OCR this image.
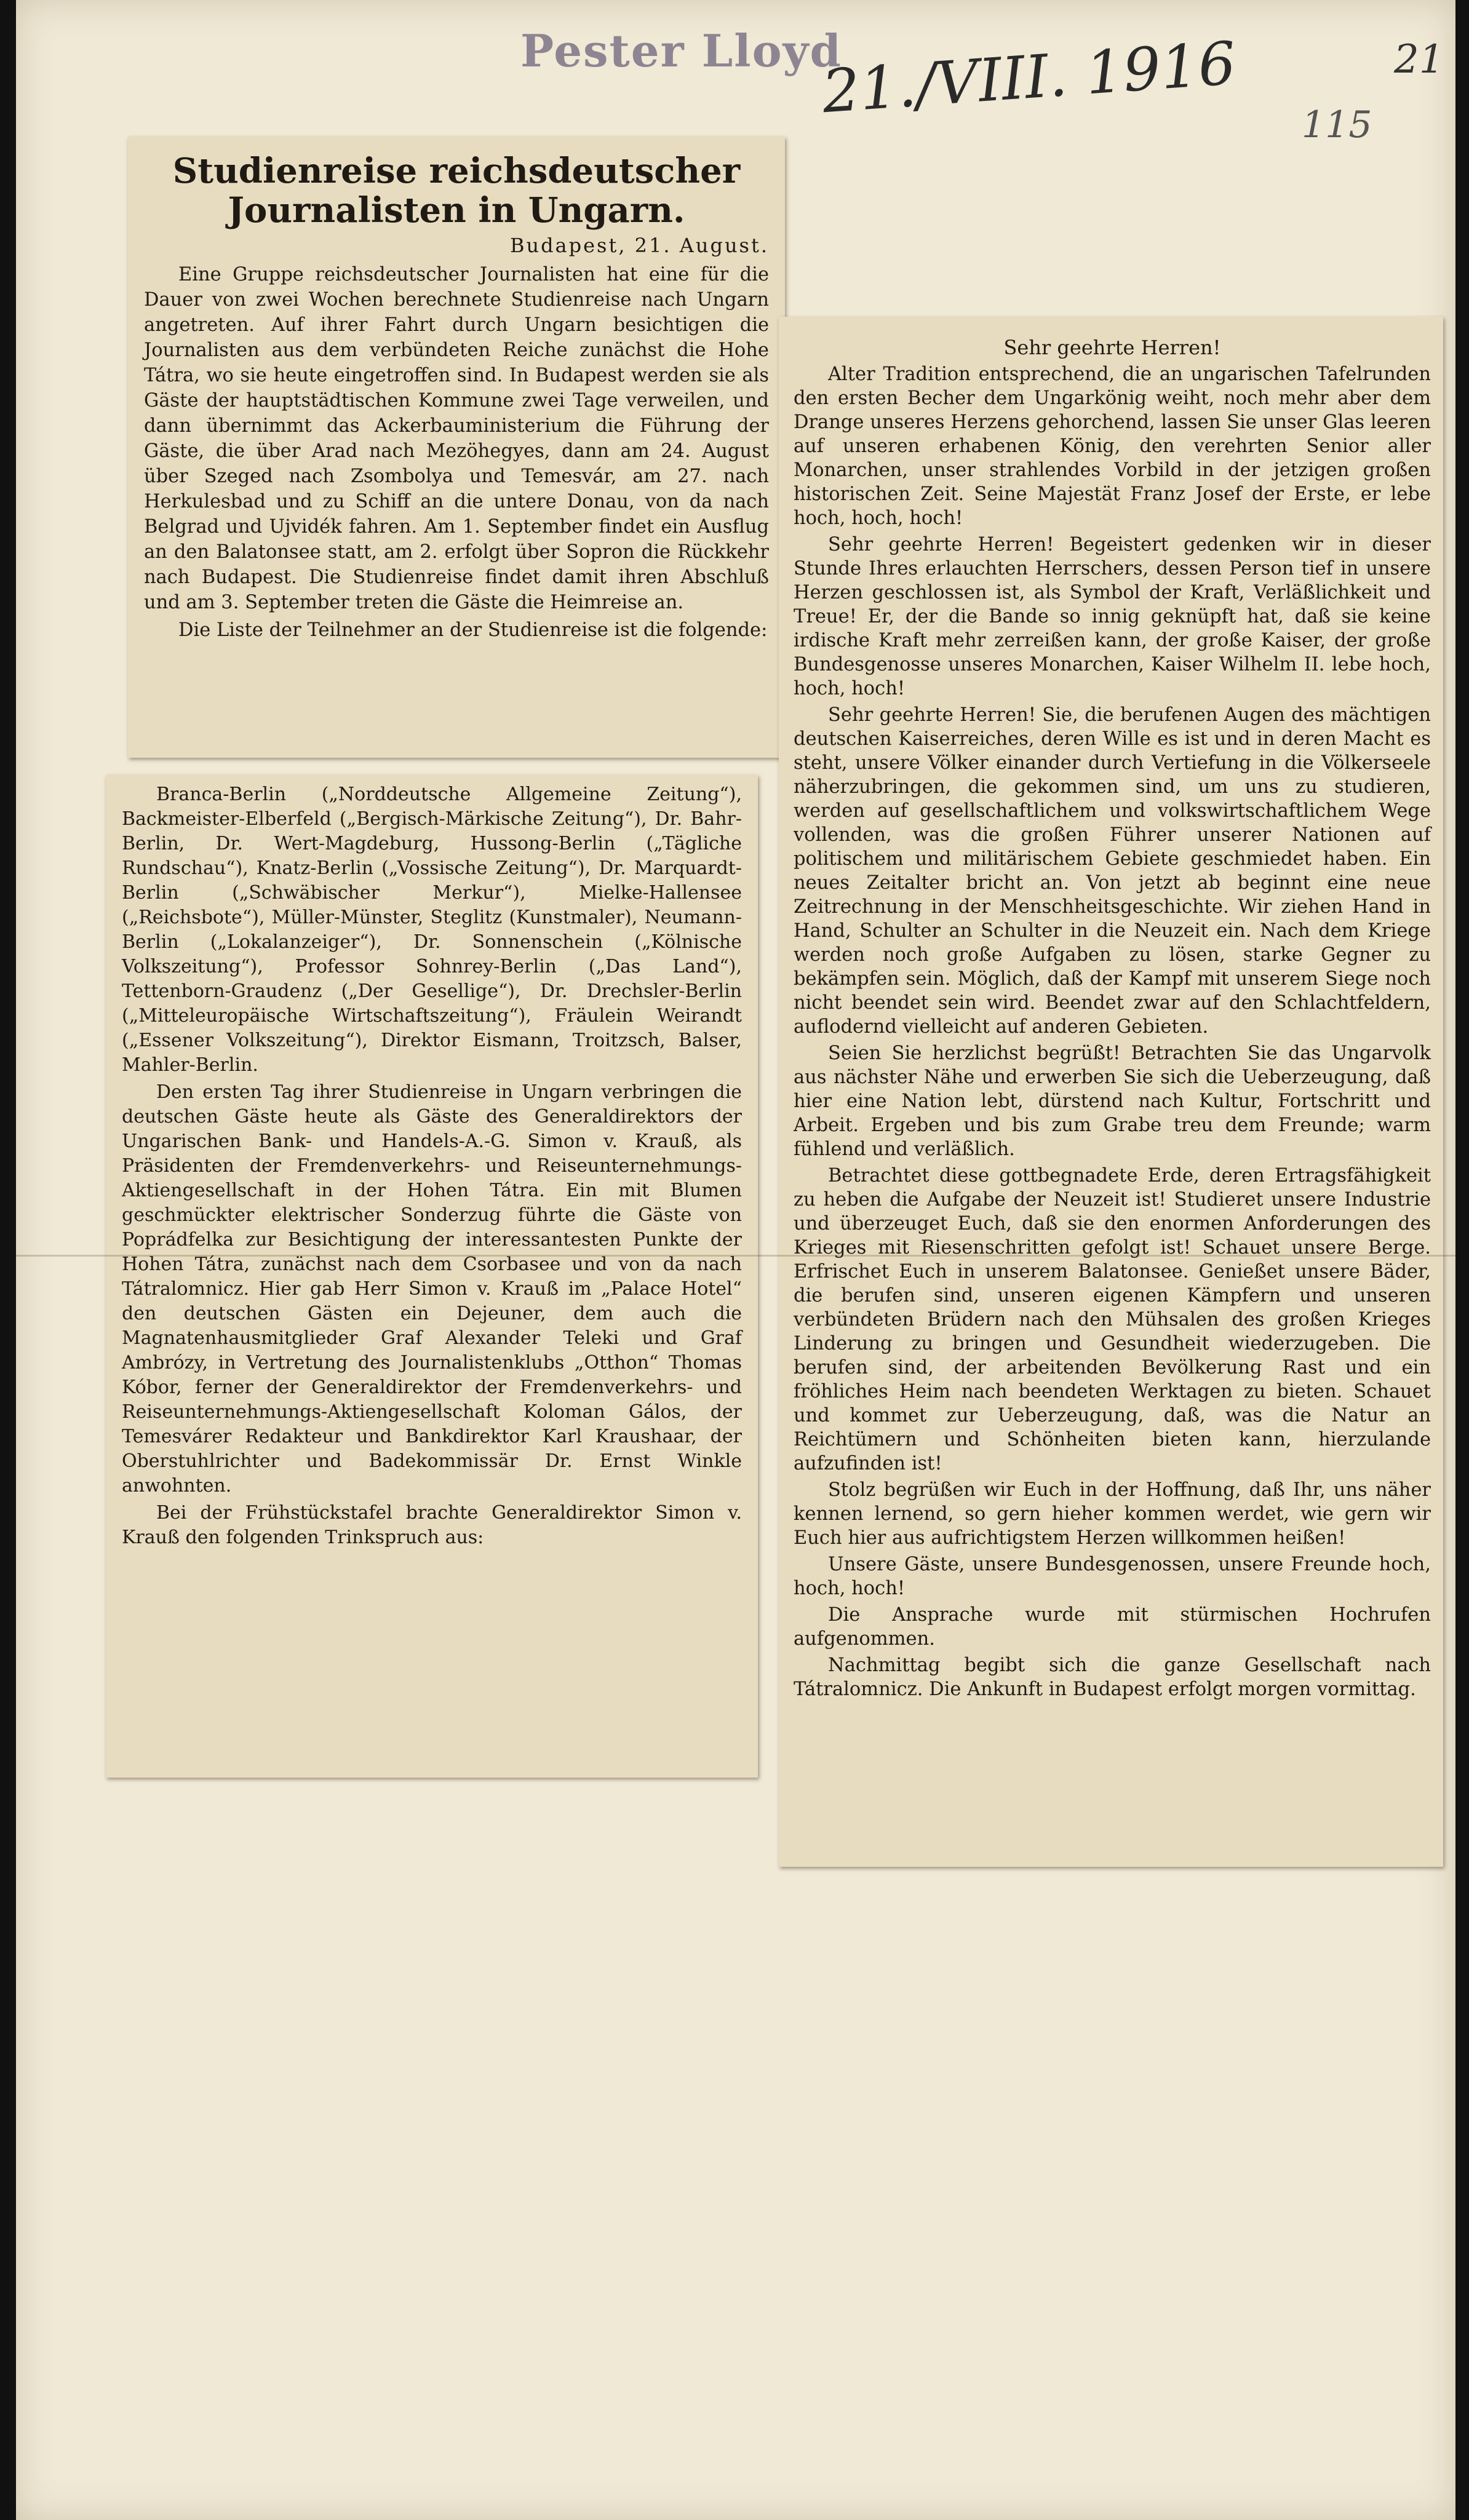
Pester Lloyd
21./VIII. 1916	21
115
Studienreise reichsdeutscher Journalisten in Ungarn.
Budapest, 21. August.

Eine Gruppe reichsdeutscher Journalisten hat eine für die Dauer von zwei Wochen berechnete Studienreise nach Ungarn angetreten. Auf ihrer Fahrt durch Ungarn besichtigen die Journalisten aus dem verbündeten Reiche zunächst die Hohe Tátra, wo sie heute eingetroffen sind. In Budapest werden sie als Gäste der hauptstädtischen Kommune zwei Tage verweilen, und dann übernimmt das Ackerbauministerium die Führung der Gäste, die über Arad nach Mezöhegyes, dann am 24. August über Szeged nach Zsombolya und Temesvár, am 27. nach Herkulesbad und zu Schiff an die untere Donau, von da nach Belgrad und Ujvidék fahren. Am 1. September findet ein Ausflug an den Balatonsee statt, am 2. erfolgt über Sopron die Rückkehr nach Budapest. Die Studienreise findet damit ihren Abschluß und am 3. September treten die Gäste die Heimreise an.

Die Liste der Teilnehmer an der Studienreise ist die folgende:

Branca-Berlin („Norddeutsche Allgemeine Zeitung“), Backmeister-Elberfeld („Bergisch-Märkische Zeitung“), Dr. Bahr-Berlin, Dr. Wert-Magdeburg, Hussong-Berlin („Tägliche Rundschau“), Knatz-Berlin („Vossische Zeitung“), Dr. Marquardt-Berlin („Schwäbischer Merkur“), Mielke-Hallensee („Reichsbote“), Müller-Münster, Steglitz (Kunstmaler), Neumann-Berlin („Lokalanzeiger“), Dr. Sonnenschein („Kölnische Volkszeitung“), Professor Sohnrey-Berlin („Das Land“), Tettenborn-Graudenz („Der Gesellige“), Dr. Drechsler-Berlin („Mitteleuropäische Wirtschaftszeitung“), Fräulein Weirandt („Essener Volkszeitung“), Direktor Eismann, Troitzsch, Balser, Mahler-Berlin.

Den ersten Tag ihrer Studienreise in Ungarn verbringen die deutschen Gäste heute als Gäste des Generaldirektors der Ungarischen Bank- und Handels-A.-G. Simon v. Krauß, als Präsidenten der Fremdenverkehrs- und Reiseunternehmungs-Aktiengesellschaft in der Hohen Tátra. Ein mit Blumen geschmückter elektrischer Sonderzug führte die Gäste von Poprádfelka zur Besichtigung der interessantesten Punkte der Hohen Tátra, zunächst nach dem Csorbasee und von da nach Tátralomnicz. Hier gab Herr Simon v. Krauß im „Palace Hotel“ den deutschen Gästen ein Dejeuner, dem auch die Magnatenhausmitglieder Graf Alexander Teleki und Graf Ambrózy, in Vertretung des Journalistenklubs „Otthon“ Thomas Kóbor, ferner der Generaldirektor der Fremdenverkehrs- und Reiseunternehmungs-Aktiengesellschaft Koloman Gálos, der Temesvárer Redakteur und Bankdirektor Karl Kraushaar, der Oberstuhlrichter und Badekommissär Dr. Ernst Winkle anwohnten.

Bei der Frühstückstafel brachte Generaldirektor Simon v. Krauß den folgenden Trinkspruch aus:

Sehr geehrte Herren!

Alter Tradition entsprechend, die an ungarischen Tafelrunden den ersten Becher dem Ungarkönig weiht, noch mehr aber dem Drange unseres Herzens gehorchend, lassen Sie unser Glas leeren auf unseren erhabenen König, den verehrten Senior aller Monarchen, unser strahlendes Vorbild in der jetzigen großen historischen Zeit. Seine Majestät Franz Josef der Erste, er lebe hoch, hoch, hoch!

Sehr geehrte Herren! Begeistert gedenken wir in dieser Stunde Ihres erlauchten Herrschers, dessen Person tief in unsere Herzen geschlossen ist, als Symbol der Kraft, Verläßlichkeit und Treue! Er, der die Bande so innig geknüpft hat, daß sie keine irdische Kraft mehr zerreißen kann, der große Kaiser, der große Bundesgenosse unseres Monarchen, Kaiser Wilhelm II. lebe hoch, hoch, hoch!

Sehr geehrte Herren! Sie, die berufenen Augen des mächtigen deutschen Kaiserreiches, deren Wille es ist und in deren Macht es steht, unsere Völker einander durch Vertiefung in die Völkerseele näherzubringen, die gekommen sind, um uns zu studieren, werden auf gesellschaftlichem und volkswirtschaftlichem Wege vollenden, was die großen Führer unserer Nationen auf politischem und militärischem Gebiete geschmiedet haben. Ein neues Zeitalter bricht an. Von jetzt ab beginnt eine neue Zeitrechnung in der Menschheitsgeschichte. Wir ziehen Hand in Hand, Schulter an Schulter in die Neuzeit ein. Nach dem Kriege werden noch große Aufgaben zu lösen, starke Gegner zu bekämpfen sein. Möglich, daß der Kampf mit unserem Siege noch nicht beendet sein wird. Beendet zwar auf den Schlachtfeldern, auflodernd vielleicht auf anderen Gebieten.

Seien Sie herzlichst begrüßt! Betrachten Sie das Ungarvolk aus nächster Nähe und erwerben Sie sich die Ueberzeugung, daß hier eine Nation lebt, dürstend nach Kultur, Fortschritt und Arbeit. Ergeben und bis zum Grabe treu dem Freunde; warm fühlend und verläßlich.

Betrachtet diese gottbegnadete Erde, deren Ertragsfähigkeit zu heben die Aufgabe der Neuzeit ist! Studieret unsere Industrie und überzeuget Euch, daß sie den enormen Anforderungen des Krieges mit Riesenschritten gefolgt ist! Schauet unsere Berge. Erfrischet Euch in unserem Balatonsee. Genießet unsere Bäder, die berufen sind, unseren eigenen Kämpfern und unseren verbündeten Brüdern nach den Mühsalen des großen Krieges Linderung zu bringen und Gesundheit wiederzugeben. Die berufen sind, der arbeitenden Bevölkerung Rast und ein fröhliches Heim nach beendeten Werktagen zu bieten. Schauet und kommet zur Ueberzeugung, daß, was die Natur an Reichtümern und Schönheiten bieten kann, hierzulande aufzufinden ist!

Stolz begrüßen wir Euch in der Hoffnung, daß Ihr, uns näher kennen lernend, so gern hieher kommen werdet, wie gern wir Euch hier aus aufrichtigstem Herzen willkommen heißen!

Unsere Gäste, unsere Bundesgenossen, unsere Freunde hoch, hoch, hoch!

Die Ansprache wurde mit stürmischen Hochrufen aufgenommen.

Nachmittag begibt sich die ganze Gesellschaft nach Tátralomnicz. Die Ankunft in Budapest erfolgt morgen vormittag.
